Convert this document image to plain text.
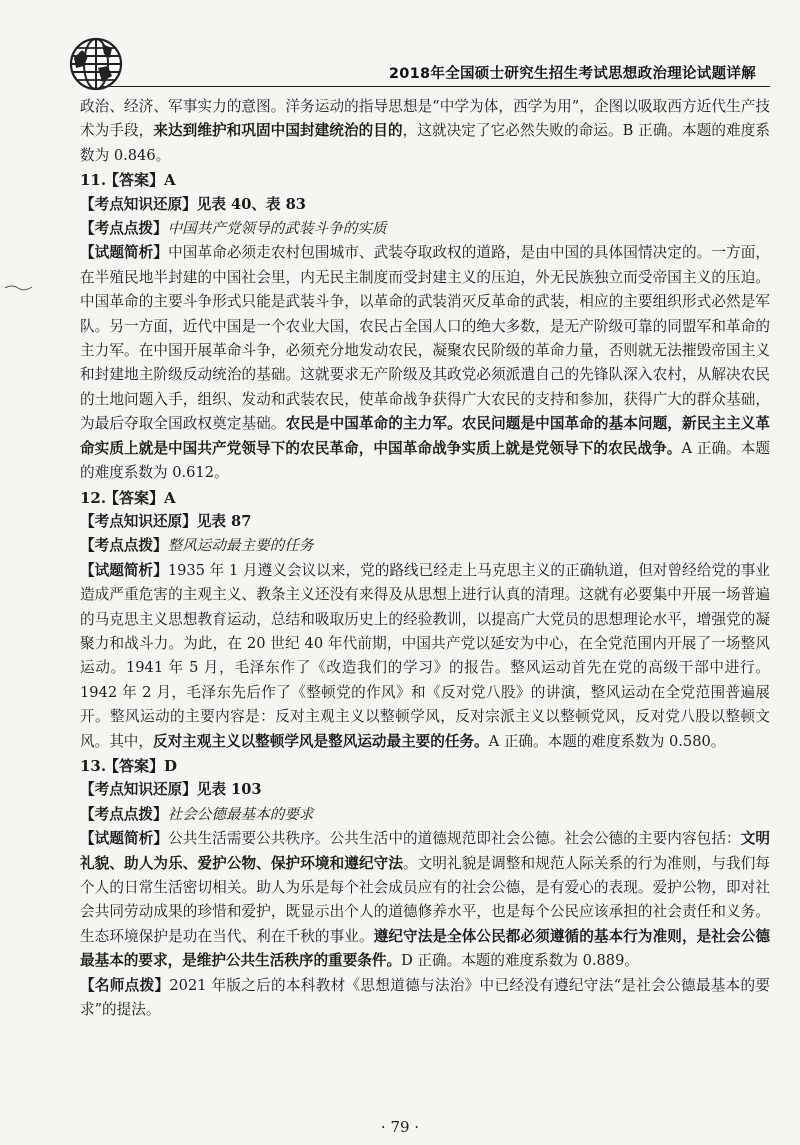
2018年全国硕士研究生招生考试思想政治理论试题详解

政治、经济、军事实力的意图。洋务运动的指导思想是“中学为体，西学为用”，企图以吸取西方近代生产技术为手段，来达到维护和巩固中国封建统治的目的，这就决定了它必然失败的命运。B 正确。本题的难度系数为 0.846。

11.【答案】A

【考点知识还原】见表 40、表 83

【考点点拨】中国共产党领导的武装斗争的实质

【试题简析】中国革命必须走农村包围城市、武装夺取政权的道路，是由中国的具体国情决定的。一方面，在半殖民地半封建的中国社会里，内无民主制度而受封建主义的压迫，外无民族独立而受帝国主义的压迫。中国革命的主要斗争形式只能是武装斗争，以革命的武装消灭反革命的武装，相应的主要组织形式必然是军队。另一方面，近代中国是一个农业大国，农民占全国人口的绝大多数，是无产阶级可靠的同盟军和革命的主力军。在中国开展革命斗争，必须充分地发动农民，凝聚农民阶级的革命力量，否则就无法摧毁帝国主义和封建地主阶级反动统治的基础。这就要求无产阶级及其政党必须派遣自己的先锋队深入农村，从解决农民的土地问题入手，组织、发动和武装农民，使革命战争获得广大农民的支持和参加，获得广大的群众基础，为最后夺取全国政权奠定基础。农民是中国革命的主力军。农民问题是中国革命的基本问题，新民主主义革命实质上就是中国共产党领导下的农民革命，中国革命战争实质上就是党领导下的农民战争。A 正确。本题的难度系数为 0.612。

12.【答案】A

【考点知识还原】见表 87

【考点点拨】整风运动最主要的任务

【试题简析】1935 年 1 月遵义会议以来，党的路线已经走上马克思主义的正确轨道，但对曾经给党的事业造成严重危害的主观主义、教条主义还没有来得及从思想上进行认真的清理。这就有必要集中开展一场普遍的马克思主义思想教育运动，总结和吸取历史上的经验教训，以提高广大党员的思想理论水平，增强党的凝聚力和战斗力。为此，在 20 世纪 40 年代前期，中国共产党以延安为中心，在全党范围内开展了一场整风运动。1941 年 5 月，毛泽东作了《改造我们的学习》的报告。整风运动首先在党的高级干部中进行。1942 年 2 月，毛泽东先后作了《整顿党的作风》和《反对党八股》的讲演，整风运动在全党范围普遍展开。整风运动的主要内容是：反对主观主义以整顿学风，反对宗派主义以整顿党风，反对党八股以整顿文风。其中，反对主观主义以整顿学风是整风运动最主要的任务。A 正确。本题的难度系数为 0.580。

13.【答案】D

【考点知识还原】见表 103

【考点点拨】社会公德最基本的要求

【试题简析】公共生活需要公共秩序。公共生活中的道德规范即社会公德。社会公德的主要内容包括：文明礼貌、助人为乐、爱护公物、保护环境和遵纪守法。文明礼貌是调整和规范人际关系的行为准则，与我们每个人的日常生活密切相关。助人为乐是每个社会成员应有的社会公德，是有爱心的表现。爱护公物，即对社会共同劳动成果的珍惜和爱护，既显示出个人的道德修养水平，也是每个公民应该承担的社会责任和义务。生态环境保护是功在当代、利在千秋的事业。遵纪守法是全体公民都必须遵循的基本行为准则，是社会公德最基本的要求，是维护公共生活秩序的重要条件。D 正确。本题的难度系数为 0.889。

【名师点拨】2021 年版之后的本科教材《思想道德与法治》中已经没有遵纪守法“是社会公德最基本的要求”的提法。

· 79 ·
